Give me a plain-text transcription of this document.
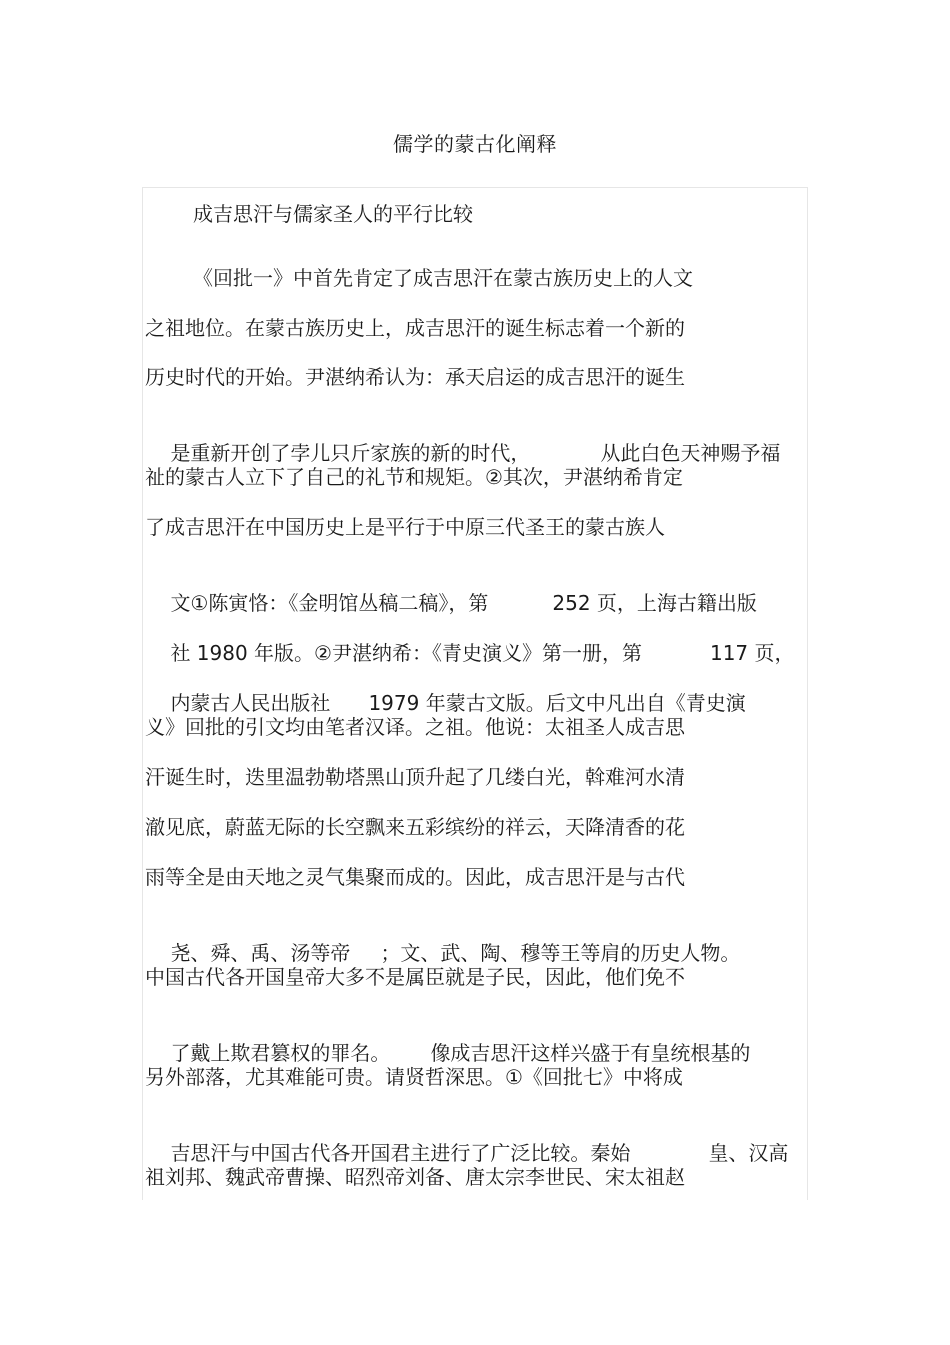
儒学的蒙古化阐释
成吉思汗与儒家圣人的平行比较
《回批一》中首先肯定了成吉思汗在蒙古族历史上的人文
之祖地位。在蒙古族历史上，成吉思汗的诞生标志着一个新的
历史时代的开始。尹湛纳希认为：承天启运的成吉思汗的诞生

是重新开创了孛儿只斤家族的新的时代，	从此白色天神赐予福

祉的蒙古人立下了自己的礼节和规矩。②其次，尹湛纳希肯定
了成吉思汗在中国历史上是平行于中原三代圣王的蒙古族人

文①陈寅恪：《金明馆丛稿二稿》，第	252 页，上海古籍出版

社 1980 年版。②尹湛纳希：《青史演义》第一册，第	117 页，

内蒙古人民出版社 1979 年蒙古文版。后文中凡出自《青史演

义》回批的引文均由笔者汉译。之祖。他说：太祖圣人成吉思
汗诞生时，迭里温勃勒塔黑山顶升起了几缕白光，斡难河水清
澈见底，蔚蓝无际的长空飘来五彩缤纷的祥云，天降清香的花
雨等全是由天地之灵气集聚而成的。因此，成吉思汗是与古代

尧、舜、禹、汤等帝 ；文、武、陶、穆等王等肩的历史人物。

中国古代各开国皇帝大多不是属臣就是子民，因此，他们免不

了戴上欺君篡权的罪名。 像成吉思汗这样兴盛于有皇统根基的

另外部落，尤其难能可贵。请贤哲深思。①《回批七》中将成

吉思汗与中国古代各开国君主进行了广泛比较。秦始	皇、汉高

祖刘邦、魏武帝曹操、昭烈帝刘备、唐太宗李世民、宋太祖赵
